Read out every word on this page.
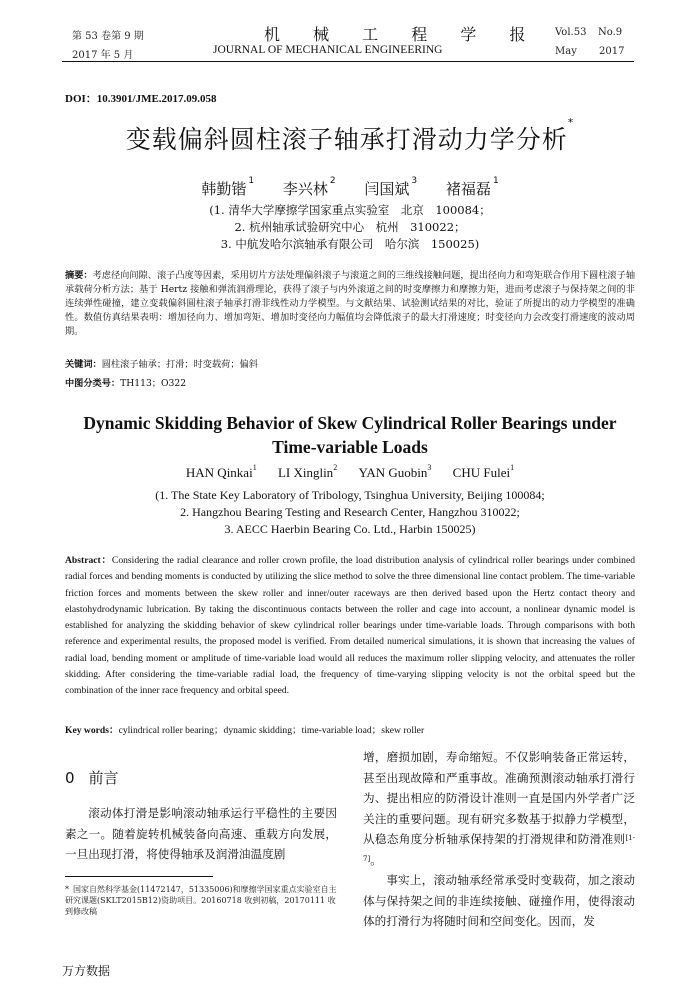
第 53 卷第 9 期
2017 年 5 月
机 械 工 程 学 报
JOURNAL OF MECHANICAL ENGINEERING
Vol.53 No.9
May 2017
DOI：10.3901/JME.2017.09.058
变载偏斜圆柱滚子轴承打滑动力学分析*
韩勤锴 $^1$ 李兴林 $^2$ 闫国斌 $^3$ 褚福磊 $^1$
(1. 清华大学摩擦学国家重点实验室　北京　100084；
2. 杭州轴承试验研究中心　杭州　310022；
3. 中航发哈尔滨轴承有限公司　哈尔滨　150025)
摘要：考虑径向间隙、滚子凸度等因素，采用切片方法处理偏斜滚子与滚道之间的三维线接触问题，提出径向力和弯矩联合作用下圆柱滚子轴承载荷分析方法；基于 Hertz 接触和弹流润滑理论，获得了滚子与内外滚道之间的时变摩擦力和摩擦力矩，进而考虑滚子与保持架之间的非连续弹性碰撞，建立变载偏斜圆柱滚子轴承打滑非线性动力学模型。与文献结果、试验测试结果的对比，验证了所提出的动力学模型的准确性。数值仿真结果表明：增加径向力、增加弯矩、增加时变径向力幅值均会降低滚子的最大打滑速度；时变径向力会改变打滑速度的波动周期。
关键词：圆柱滚子轴承；打滑；时变载荷；偏斜
中图分类号：TH113；O322
Dynamic Skidding Behavior of Skew Cylindrical Roller Bearings under
Time-variable Loads
HAN Qinkai$^1$ LI Xinglin$^2$ YAN Guobin$^3$ CHU Fulei$^1$
(1. The State Key Laboratory of Tribology, Tsinghua University, Beijing 100084;
2. Hangzhou Bearing Testing and Research Center, Hangzhou 310022;
3. AECC Haerbin Bearing Co. Ltd., Harbin 150025)
Abstract：Considering the radial clearance and roller crown profile, the load distribution analysis of cylindrical roller bearings under combined radial forces and bending moments is conducted by utilizing the slice method to solve the three dimensional line contact problem. The time-variable friction forces and moments between the skew roller and inner/outer raceways are then derived based upon the Hertz contact theory and elastohydrodynamic lubrication. By taking the discontinuous contacts between the roller and cage into account, a nonlinear dynamic model is established for analyzing the skidding behavior of skew cylindrical roller bearings under time-variable loads. Through comparisons with both reference and experimental results, the proposed model is verified. From detailed numerical simulations, it is shown that increasing the values of radial load, bending moment or amplitude of time-variable load would all reduces the maximum roller slipping velocity, and attenuates the roller skidding. After considering the time-variable radial load, the frequency of time-varying slipping velocity is not the orbital speed but the combination of the inner race frequency and orbital speed.
Key words：cylindrical roller bearing；dynamic skidding；time-variable load；skew roller
0 前言

滚动体打滑是影响滚动轴承运行平稳性的主要因素之一。随着旋转机械装备向高速、重载方向发展，一旦出现打滑，将使得轴承及润滑油温度剧

* 国家自然科学基金(11472147，51335006)和摩擦学国家重点实验室自主研究课题(SKLT2015B12)资助项目。20160718 收到初稿，20170111 收到修改稿

增，磨损加剧，寿命缩短。不仅影响装备正常运转，甚至出现故障和严重事故。准确预测滚动轴承打滑行为、提出相应的防滑设计准则一直是国内外学者广泛关注的重要问题。现有研究多数基于拟静力学模型，从稳态角度分析轴承保持架的打滑规律和防滑准则[1-7]。

事实上，滚动轴承经常承受时变载荷，加之滚动体与保持架之间的非连续接触、碰撞作用，使得滚动体的打滑行为将随时间和空间变化。因而，发

万方数据
